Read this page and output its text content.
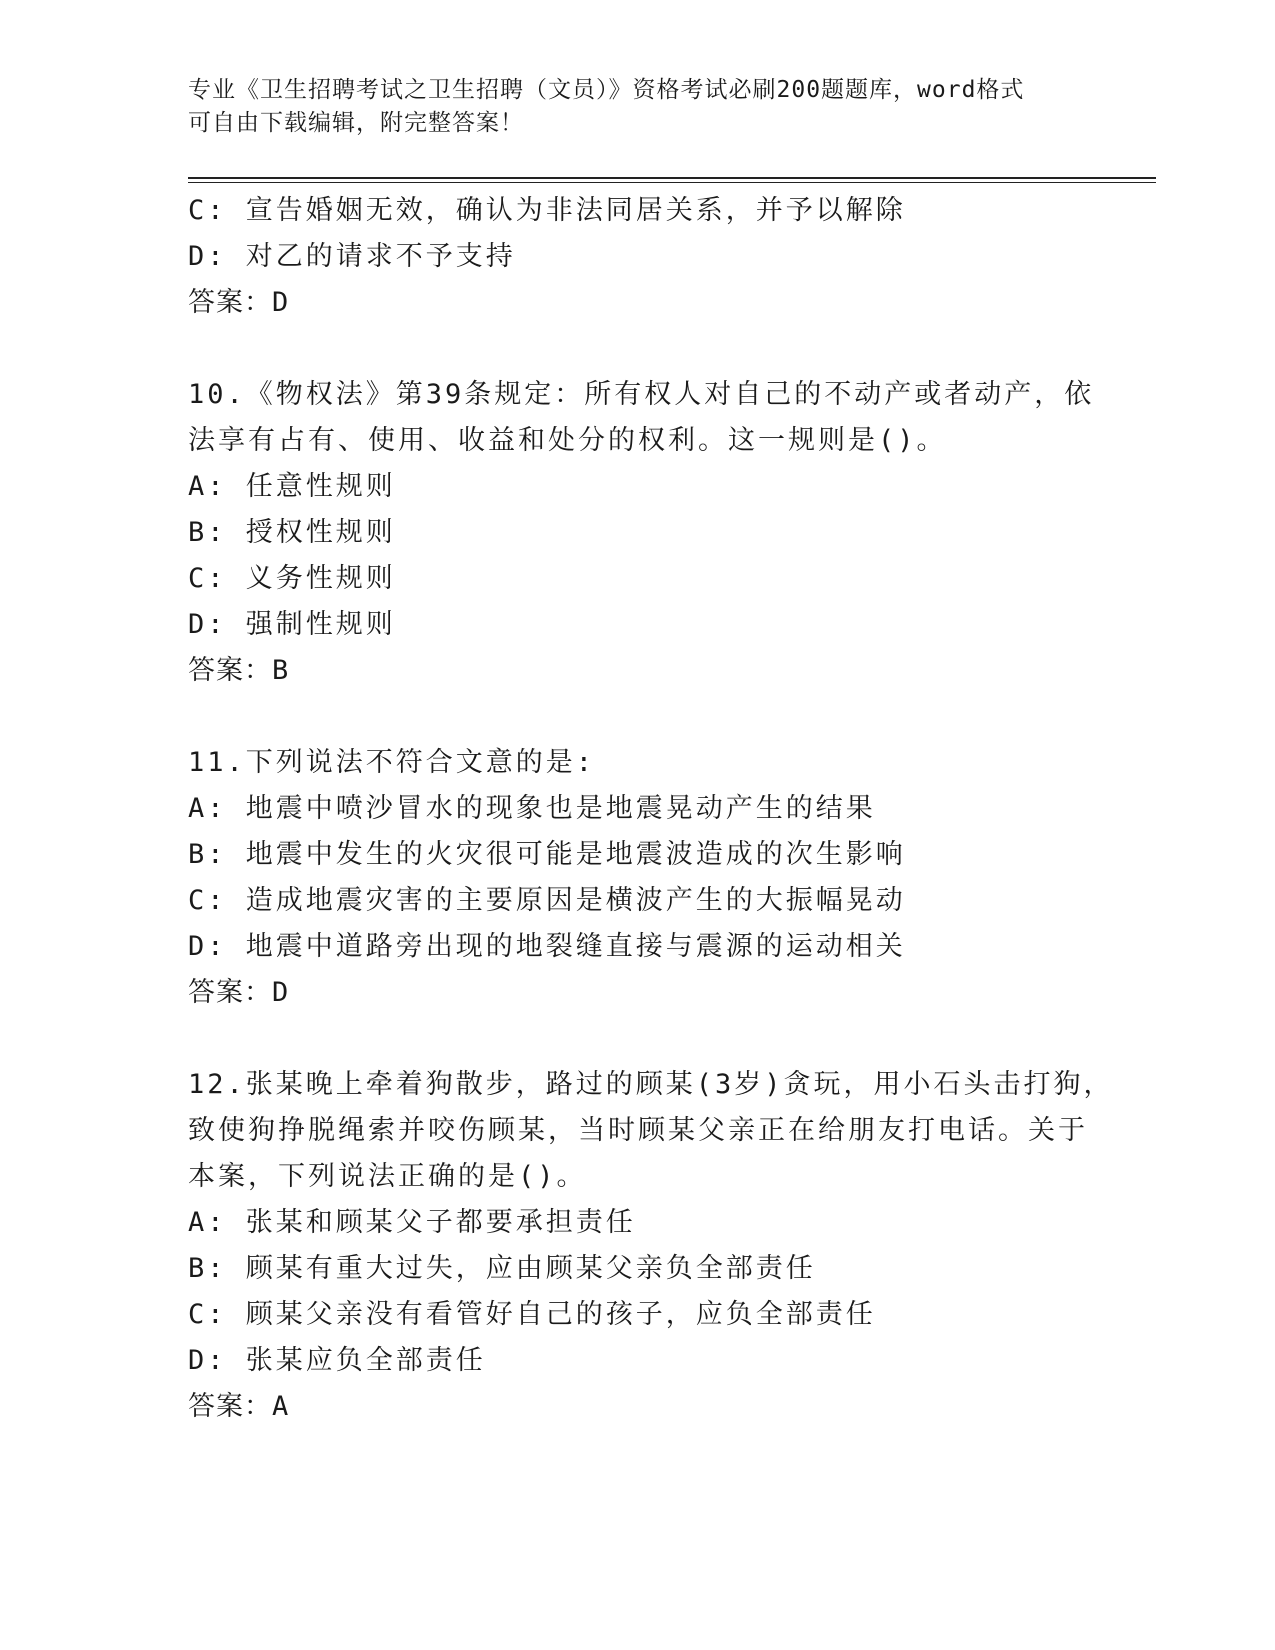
专业《卫生招聘考试之卫生招聘（文员）》资格考试必刷200题题库，word格式
可自由下载编辑，附完整答案！
C: 宣告婚姻无效，确认为非法同居关系，并予以解除
D: 对乙的请求不予支持
答案：D
10.《物权法》第39条规定：所有权人对自己的不动产或者动产，依
法享有占有、使用、收益和处分的权利。这一规则是()。
A: 任意性规则
B: 授权性规则
C: 义务性规则
D: 强制性规则
答案：B
11.下列说法不符合文意的是:
A: 地震中喷沙冒水的现象也是地震晃动产生的结果
B: 地震中发生的火灾很可能是地震波造成的次生影响
C: 造成地震灾害的主要原因是横波产生的大振幅晃动
D: 地震中道路旁出现的地裂缝直接与震源的运动相关
答案：D
12.张某晚上牵着狗散步，路过的顾某(3岁)贪玩，用小石头击打狗，
致使狗挣脱绳索并咬伤顾某，当时顾某父亲正在给朋友打电话。关于
本案，下列说法正确的是()。
A: 张某和顾某父子都要承担责任
B: 顾某有重大过失，应由顾某父亲负全部责任
C: 顾某父亲没有看管好自己的孩子，应负全部责任
D: 张某应负全部责任
答案：A
